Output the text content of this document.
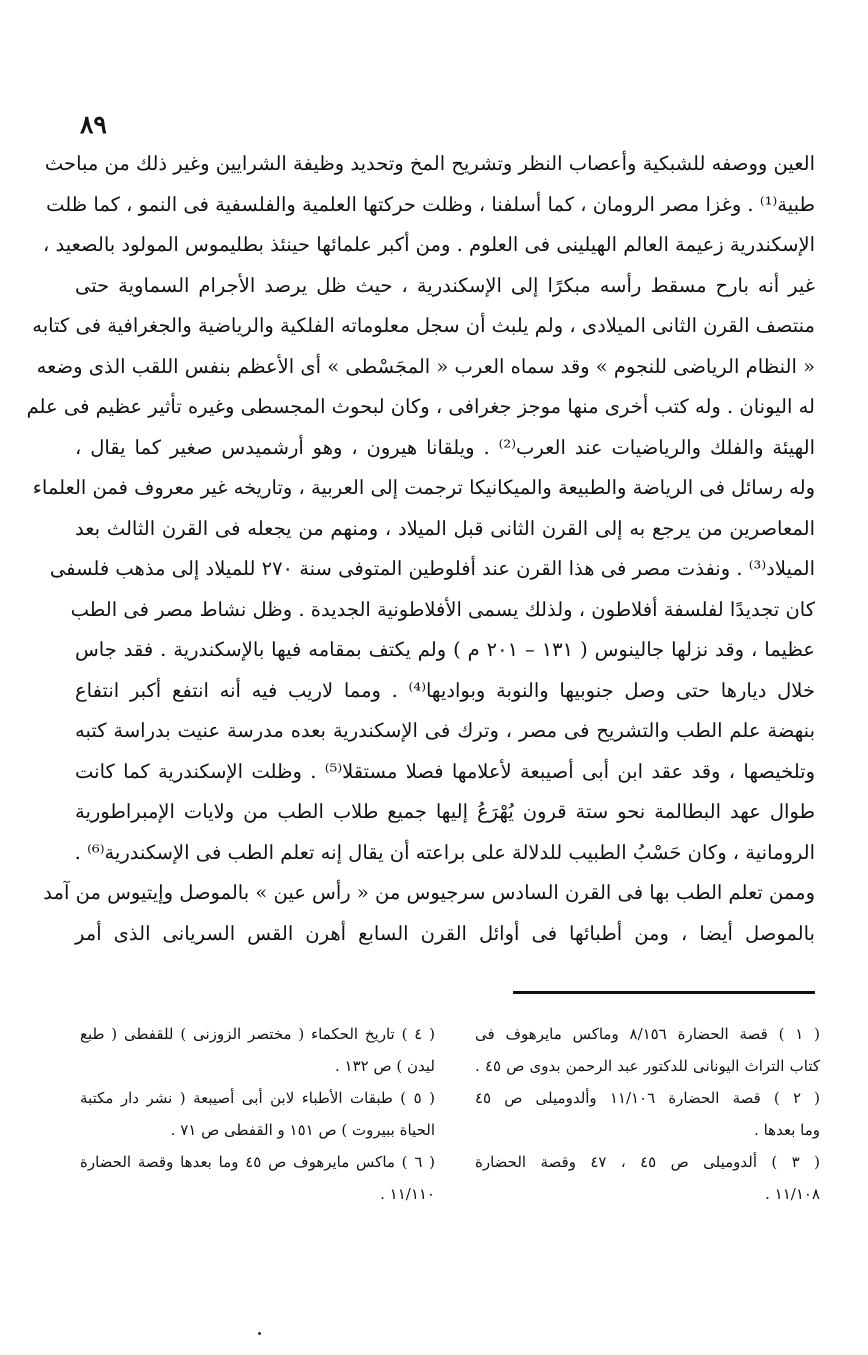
٨٩
العين ووصفه للشبكية وأعصاب النظر وتشريح المخ وتحديد وظيفة الشرايين وغير ذلك من مباحث
طبية⁽¹⁾ . وغزا مصر الرومان ، كما أسلفنا ، وظلت حركتها العلمية والفلسفية فى النمو ، كما ظلت
الإسكندرية زعيمة العالم الهيلينى فى العلوم . ومن أكبر علمائها حينئذ بطليموس المولود بالصعيد ،
غير أنه بارح مسقط رأسه مبكرًا إلى الإسكندرية ، حيث ظل يرصد الأجرام السماوية حتى
منتصف القرن الثانى الميلادى ، ولم يلبث أن سجل معلوماته الفلكية والرياضية والجغرافية فى كتابه
« النظام الرياضى للنجوم » وقد سماه العرب « المجَسْطى » أى الأعظم بنفس اللقب الذى وضعه
له اليونان . وله كتب أخرى منها موجز جغرافى ، وكان لبحوث المجسطى وغيره تأثير عظيم فى علم
الهيئة والفلك والرياضيات عند العرب⁽²⁾ . ويلقانا هيرون ، وهو أرشميدس صغير كما يقال ،
وله رسائل فى الرياضة والطبيعة والميكانيكا ترجمت إلى العربية ، وتاريخه غير معروف فمن العلماء
المعاصرين من يرجع به إلى القرن الثانى قبل الميلاد ، ومنهم من يجعله فى القرن الثالث بعد
الميلاد⁽³⁾ . ونفذت مصر فى هذا القرن عند أفلوطين المتوفى سنة ٢٧٠ للميلاد إلى مذهب فلسفى
كان تجديدًا لفلسفة أفلاطون ، ولذلك يسمى الأفلاطونية الجديدة . وظل نشاط مصر فى الطب
عظيما ، وقد نزلها جالينوس ( ١٣١ – ٢٠١ م ) ولم يكتف بمقامه فيها بالإسكندرية . فقد جاس
خلال ديارها حتى وصل جنوبيها والنوبة وبواديها⁽⁴⁾ . ومما لاريب فيه أنه انتفع أكبر انتفاع
بنهضة علم الطب والتشريح فى مصر ، وترك فى الإسكندرية بعده مدرسة عنيت بدراسة كتبه
وتلخيصها ، وقد عقد ابن أبى أصيبعة لأعلامها فصلا مستقلا⁽⁵⁾ . وظلت الإسكندرية كما كانت
طوال عهد البطالمة نحو ستة قرون يُهْرَعُ إليها جميع طلاب الطب من ولايات الإمبراطورية
الرومانية ، وكان حَسْبُ الطبيب للدلالة على براعته أن يقال إنه تعلم الطب فى الإسكندرية⁽⁶⁾ .
وممن تعلم الطب بها فى القرن السادس سرجيوس من « رأس عين » بالموصل وإيتيوس من آمد
بالموصل أيضا ، ومن أطبائها فى أوائل القرن السابع أهرن القس السريانى الذى أمر
( ١ ) قصة الحضارة ٨/١٥٦ وماكس مايرهوف فى
كتاب التراث اليونانى للدكتور عبد الرحمن بدوى ص ٤٥ .
( ٢ ) قصة الحضارة ١١/١٠٦ وألدوميلى ص ٤٥
وما بعدها .
( ٣ ) ألدوميلى ص ٤٥ ، ٤٧ وقصة الحضارة
١١/١٠٨ .
( ٤ ) تاريخ الحكماء ( مختصر الزوزنى ) للقفطى ( طبع
ليدن ) ص ١٣٢ .
( ٥ ) طبقات الأطباء لابن أبى أصيبعة ( نشر دار مكتبة
الحياة ببيروت ) ص ١٥١ و القفطى ص ٧١ .
( ٦ ) ماكس مايرهوف ص ٤٥ وما بعدها وقصة الحضارة
١١/١١٠ .
